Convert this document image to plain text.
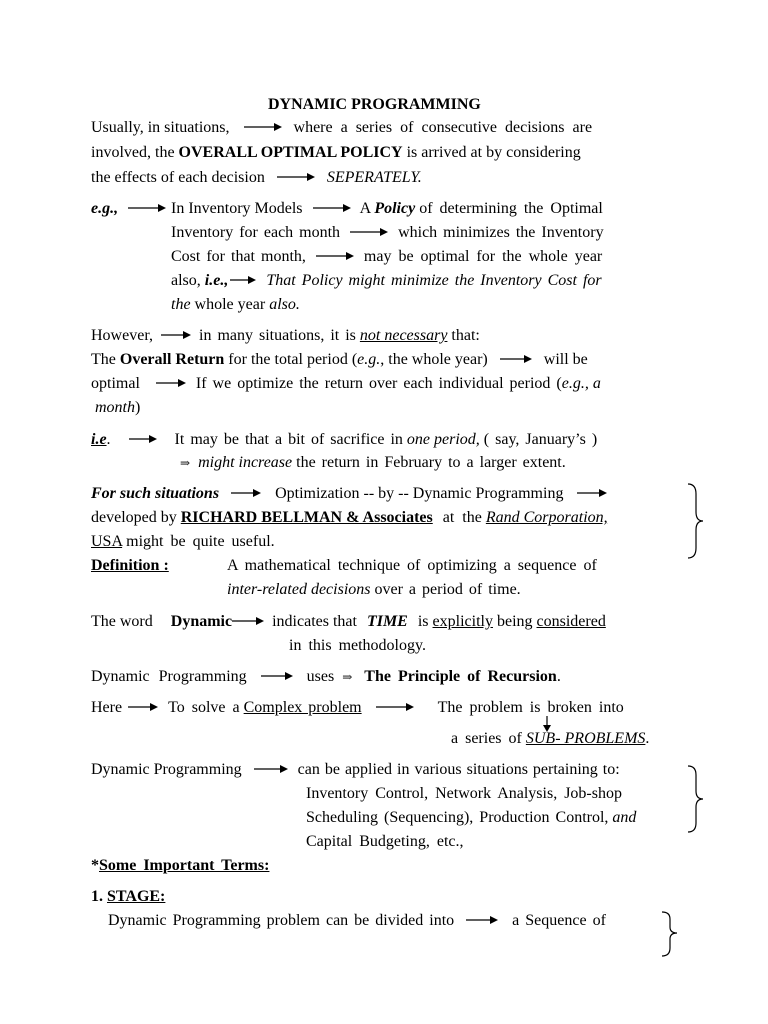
DYNAMIC PROGRAMMING
Usually, in situations,	where a series of consecutive decisions are
involved, the OVERALL OPTIMAL POLICY is arrived at by considering
the effects of each decision	SEPERATELY.
e.g.,	In Inventory Models	A Policy of determining the Optimal
Inventory for each month	which minimizes the Inventory
Cost for that month,	may be optimal for the whole year
also, i.e., That Policy might minimize the Inventory Cost for
the whole year also.
However,	in many situations, it is not necessary that:
The Overall Return for the total period (e.g., the whole year)	will be
optimal	If we optimize the return over each individual period (e.g., a
month)
i.e.	It may be that a bit of sacrifice in one period, ( say, January’s )
⇒ might increase the return in February to a larger extent.
For such situations	Optimization -- by -- Dynamic Programming
developed by RICHARD BELLMAN & Associates at the Rand Corporation,
USA might be quite useful.
Definition :	A mathematical technique of optimizing a sequence of
inter-related decisions over a period of time.
The word Dynamic	indicates that TIME is explicitly being considered
in this methodology.
Dynamic Programming	uses ⇒ The Principle of Recursion.
Here	To solve a Complex problem	The problem is broken into
a series of SUB- PROBLEMS.
Dynamic Programming	can be applied in various situations pertaining to:
Inventory Control, Network Analysis, Job-shop
Scheduling (Sequencing), Production Control, and
Capital Budgeting, etc.,
*Some Important Terms:
1. STAGE:
Dynamic Programming problem can be divided into	a Sequence of
